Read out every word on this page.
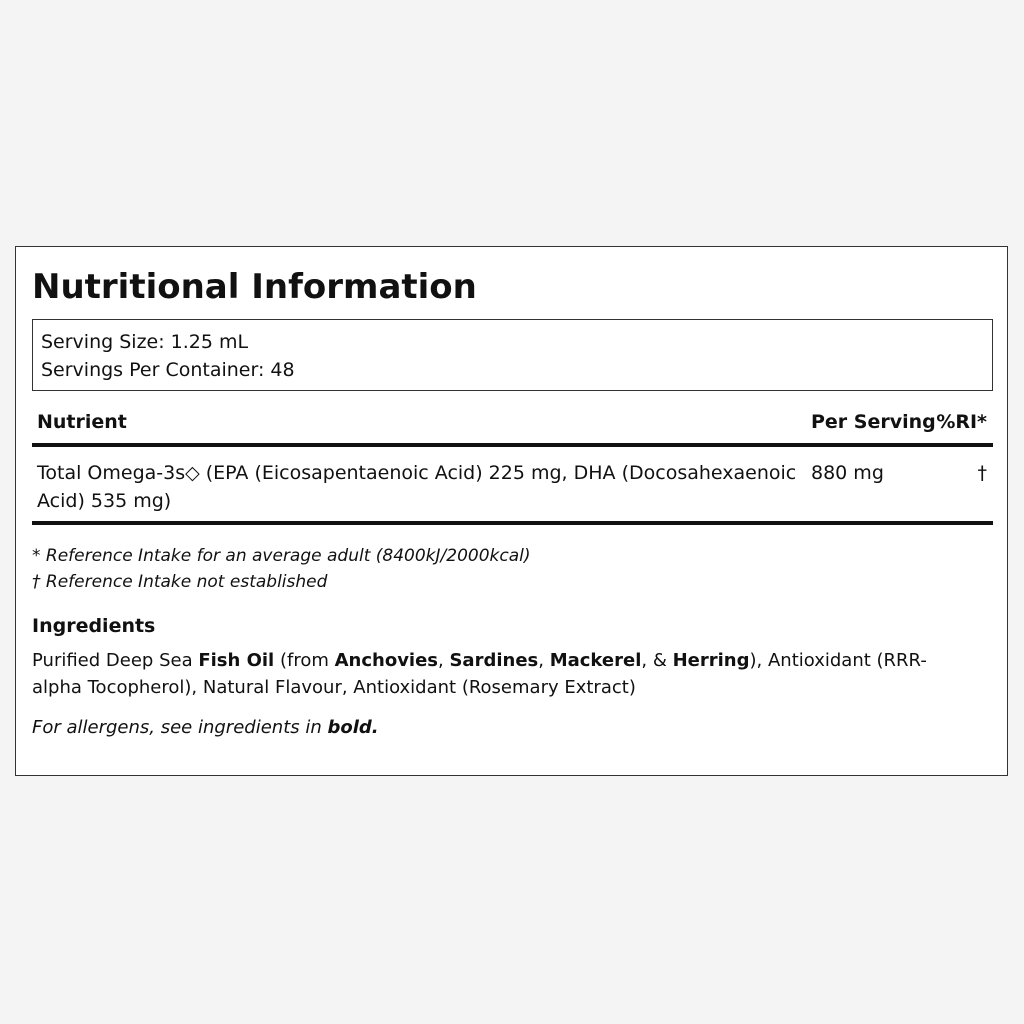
Nutritional Information
Serving Size: 1.25 mL
Servings Per Container: 48
Nutrient	Per Serving %RI*
Total Omega-3s◇ (EPA (Eicosapentaenoic Acid) 225 mg, DHA (Docosahexaenoic Acid) 535 mg)
880 mg	†
* Reference Intake for an average adult (8400kJ/2000kcal)
† Reference Intake not established
Ingredients
Purified Deep Sea Fish Oil (from Anchovies, Sardines, Mackerel, & Herring), Antioxidant (RRR-alpha Tocopherol), Natural Flavour, Antioxidant (Rosemary Extract)
For allergens, see ingredients in bold.
